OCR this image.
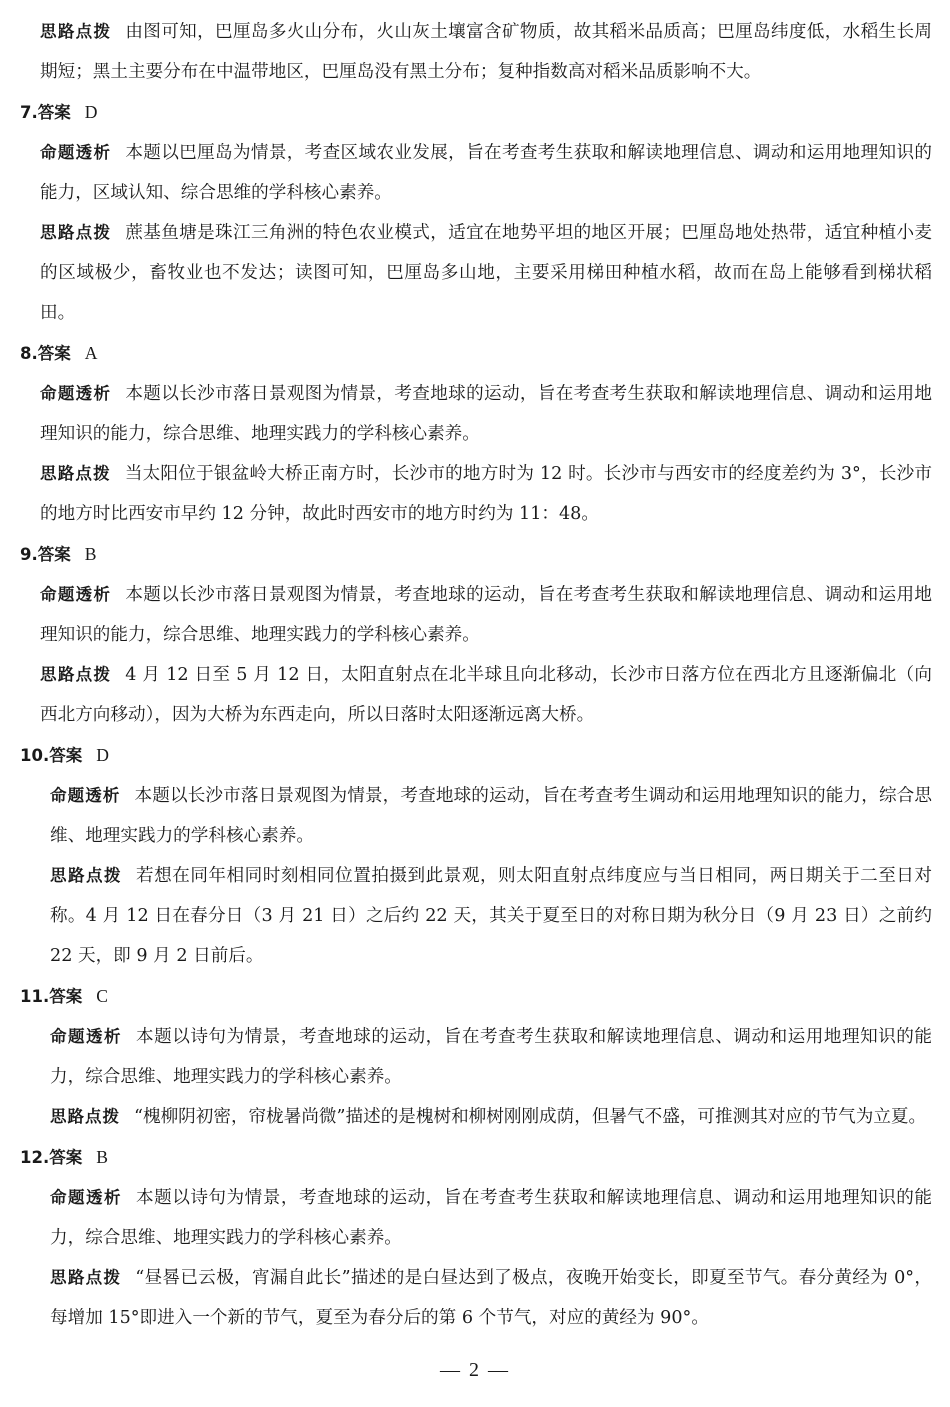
思路点拨 由图可知，巴厘岛多火山分布，火山灰土壤富含矿物质，故其稻米品质高；巴厘岛纬度低，水稻生长周期短；黑土主要分布在中温带地区，巴厘岛没有黑土分布；复种指数高对稻米品质影响不大。

7.答案 D

命题透析 本题以巴厘岛为情景，考查区域农业发展，旨在考查考生获取和解读地理信息、调动和运用地理知识的能力，区域认知、综合思维的学科核心素养。

思路点拨 蔗基鱼塘是珠江三角洲的特色农业模式，适宜在地势平坦的地区开展；巴厘岛地处热带，适宜种植小麦的区域极少，畜牧业也不发达；读图可知，巴厘岛多山地，主要采用梯田种植水稻，故而在岛上能够看到梯状稻田。

8.答案 A

命题透析 本题以长沙市落日景观图为情景，考查地球的运动，旨在考查考生获取和解读地理信息、调动和运用地理知识的能力，综合思维、地理实践力的学科核心素养。

思路点拨 当太阳位于银盆岭大桥正南方时，长沙市的地方时为 12 时。长沙市与西安市的经度差约为 3°，长沙市的地方时比西安市早约 12 分钟，故此时西安市的地方时约为 11：48。

9.答案 B

命题透析 本题以长沙市落日景观图为情景，考查地球的运动，旨在考查考生获取和解读地理信息、调动和运用地理知识的能力，综合思维、地理实践力的学科核心素养。

思路点拨 4 月 12 日至 5 月 12 日，太阳直射点在北半球且向北移动，长沙市日落方位在西北方且逐渐偏北（向西北方向移动），因为大桥为东西走向，所以日落时太阳逐渐远离大桥。

10.答案 D

命题透析 本题以长沙市落日景观图为情景，考查地球的运动，旨在考查考生调动和运用地理知识的能力，综合思维、地理实践力的学科核心素养。

思路点拨 若想在同年相同时刻相同位置拍摄到此景观，则太阳直射点纬度应与当日相同，两日期关于二至日对称。4 月 12 日在春分日（3 月 21 日）之后约 22 天，其关于夏至日的对称日期为秋分日（9 月 23 日）之前约 22 天，即 9 月 2 日前后。

11.答案 C

命题透析 本题以诗句为情景，考查地球的运动，旨在考查考生获取和解读地理信息、调动和运用地理知识的能力，综合思维、地理实践力的学科核心素养。

思路点拨 “槐柳阴初密，帘栊暑尚微”描述的是槐树和柳树刚刚成荫，但暑气不盛，可推测其对应的节气为立夏。

12.答案 B

命题透析 本题以诗句为情景，考查地球的运动，旨在考查考生获取和解读地理信息、调动和运用地理知识的能力，综合思维、地理实践力的学科核心素养。

思路点拨 “昼晷已云极，宵漏自此长”描述的是白昼达到了极点，夜晚开始变长，即夏至节气。春分黄经为 0°，每增加 15°即进入一个新的节气，夏至为春分后的第 6 个节气，对应的黄经为 90°。

— 2 —
